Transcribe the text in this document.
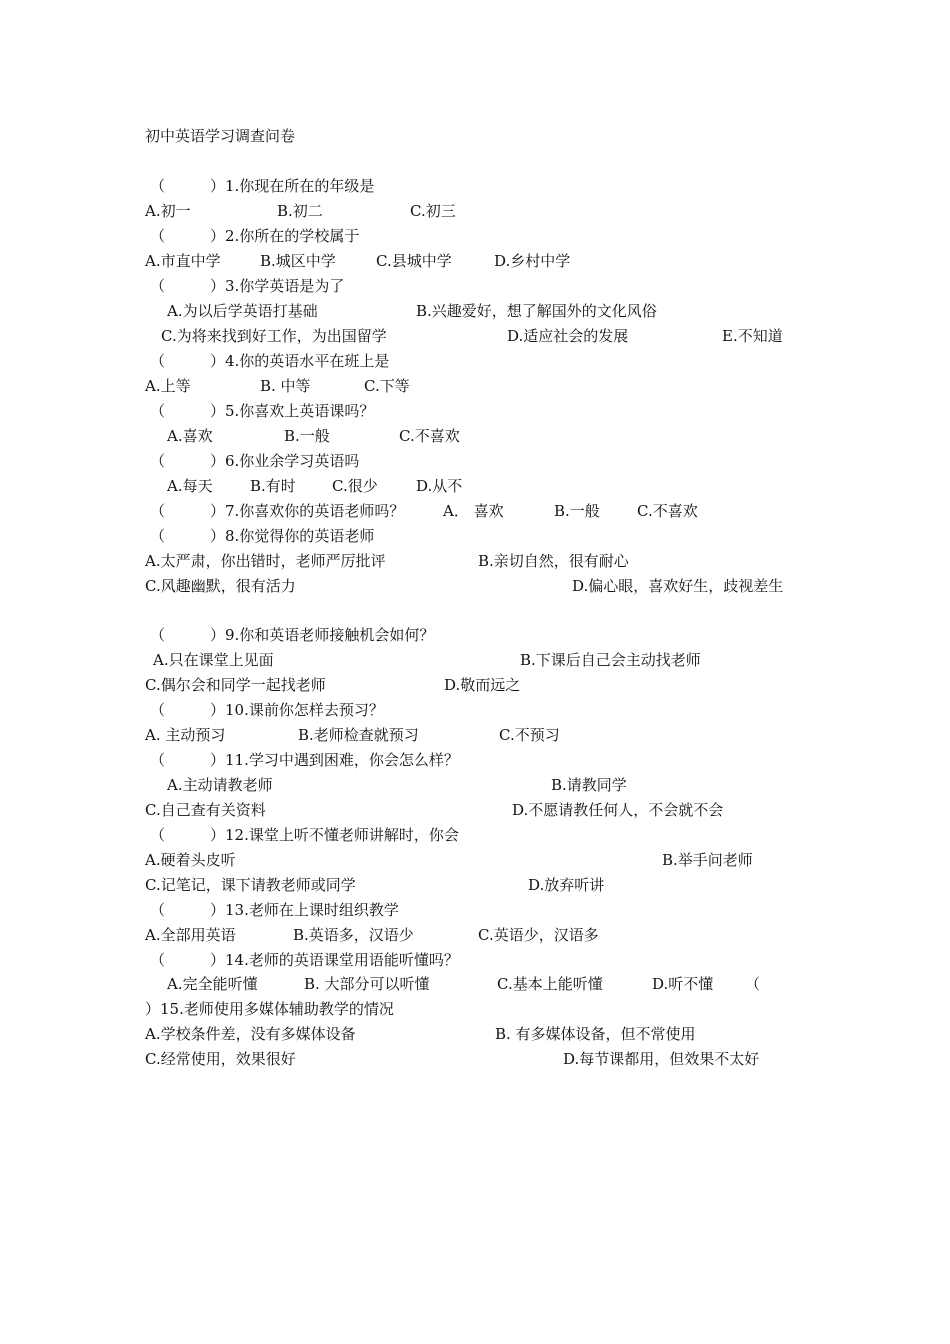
初中英语学习调查问卷
（　　　）1.你现在所在的年级是
A.初一	B.初二	C.初三
（　　　）2.你所在的学校属于
A.市直中学	B.城区中学	C.县城中学	D.乡村中学
（　　　）3.你学英语是为了
A.为以后学英语打基础	B.兴趣爱好，想了解国外的文化风俗
C.为将来找到好工作，为出国留学	D.适应社会的发展	E.不知道
（　　　）4.你的英语水平在班上是
A.上等	B. 中等	C.下等
（　　　）5.你喜欢上英语课吗？
A.喜欢	B.一般	C.不喜欢
（　　　）6.你业余学习英语吗
A.每天 B.有时 C.很少	D.从不
（　　　）7.你喜欢你的英语老师吗？	A． 喜欢	B.一般 C.不喜欢
（　　　）8.你觉得你的英语老师
A.太严肃，你出错时，老师严厉批评	B.亲切自然，很有耐心
C.风趣幽默，很有活力	D.偏心眼，喜欢好生，歧视差生
（　　　）9.你和英语老师接触机会如何？
A.只在课堂上见面	B.下课后自己会主动找老师
C.偶尔会和同学一起找老师	D.敬而远之
（　　　）10.课前你怎样去预习？
A. 主动预习	B.老师检查就预习	C.不预习
（　　　）11.学习中遇到困难，你会怎么样？
A.主动请教老师	B.请教同学
C.自己查有关资料	D.不愿请教任何人，不会就不会
（　　　）12.课堂上听不懂老师讲解时，你会
A.硬着头皮听	B.举手问老师
C.记笔记，课下请教老师或同学	D.放弃听讲
（　　　）13.老师在上课时组织教学
A.全部用英语	B.英语多，汉语少	C.英语少，汉语多
（　　　）14.老师的英语课堂用语能听懂吗？
A.完全能听懂	B. 大部分可以听懂	C.基本上能听懂	D.听不懂 （
）15.老师使用多媒体辅助教学的情况
A.学校条件差，没有多媒体设备	B. 有多媒体设备，但不常使用
C.经常使用，效果很好	D.每节课都用，但效果不太好
